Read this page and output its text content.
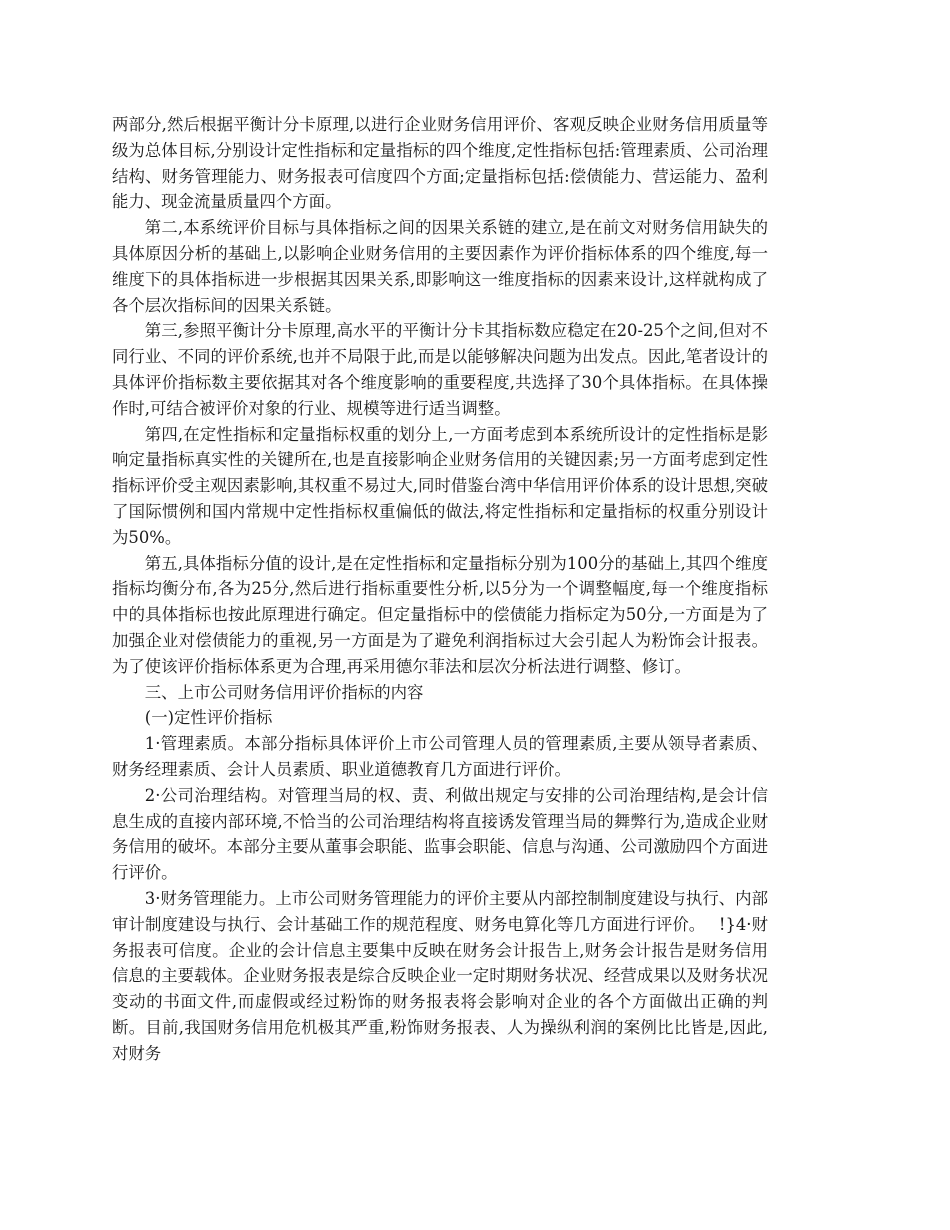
两部分,然后根据平衡计分卡原理,以进行企业财务信用评价、客观反映企业财务信用质量等级为总体目标,分别设计定性指标和定量指标的四个维度,定性指标包括:管理素质、公司治理结构、财务管理能力、财务报表可信度四个方面;定量指标包括:偿债能力、营运能力、盈利能力、现金流量质量四个方面。

第二,本系统评价目标与具体指标之间的因果关系链的建立,是在前文对财务信用缺失的具体原因分析的基础上,以影响企业财务信用的主要因素作为评价指标体系的四个维度,每一维度下的具体指标进一步根据其因果关系,即影响这一维度指标的因素来设计,这样就构成了各个层次指标间的因果关系链。

第三,参照平衡计分卡原理,高水平的平衡计分卡其指标数应稳定在20-25个之间,但对不同行业、不同的评价系统,也并不局限于此,而是以能够解决问题为出发点。因此,笔者设计的具体评价指标数主要依据其对各个维度影响的重要程度,共选择了30个具体指标。在具体操作时,可结合被评价对象的行业、规模等进行适当调整。

第四,在定性指标和定量指标权重的划分上,一方面考虑到本系统所设计的定性指标是影响定量指标真实性的关键所在,也是直接影响企业财务信用的关键因素;另一方面考虑到定性指标评价受主观因素影响,其权重不易过大,同时借鉴台湾中华信用评价体系的设计思想,突破了国际惯例和国内常规中定性指标权重偏低的做法,将定性指标和定量指标的权重分别设计为50%。

第五,具体指标分值的设计,是在定性指标和定量指标分别为100分的基础上,其四个维度指标均衡分布,各为25分,然后进行指标重要性分析,以5分为一个调整幅度,每一个维度指标中的具体指标也按此原理进行确定。但定量指标中的偿债能力指标定为50分,一方面是为了加强企业对偿债能力的重视,另一方面是为了避免利润指标过大会引起人为粉饰会计报表。为了使该评价指标体系更为合理,再采用德尔菲法和层次分析法进行调整、修订。

三、上市公司财务信用评价指标的内容

(一)定性评价指标

1·管理素质。本部分指标具体评价上市公司管理人员的管理素质,主要从领导者素质、财务经理素质、会计人员素质、职业道德教育几方面进行评价。

2·公司治理结构。对管理当局的权、责、利做出规定与安排的公司治理结构,是会计信息生成的直接内部环境,不恰当的公司治理结构将直接诱发管理当局的舞弊行为,造成企业财务信用的破坏。本部分主要从董事会职能、监事会职能、信息与沟通、公司激励四个方面进行评价。

3·财务管理能力。上市公司财务管理能力的评价主要从内部控制制度建设与执行、内部审计制度建设与执行、会计基础工作的规范程度、财务电算化等几方面进行评价。　 !}4·财务报表可信度。企业的会计信息主要集中反映在财务会计报告上,财务会计报告是财务信用信息的主要载体。企业财务报表是综合反映企业一定时期财务状况、经营成果以及财务状况变动的书面文件,而虚假或经过粉饰的财务报表将会影响对企业的各个方面做出正确的判断。目前,我国财务信用危机极其严重,粉饰财务报表、人为操纵利润的案例比比皆是,因此,对财务
